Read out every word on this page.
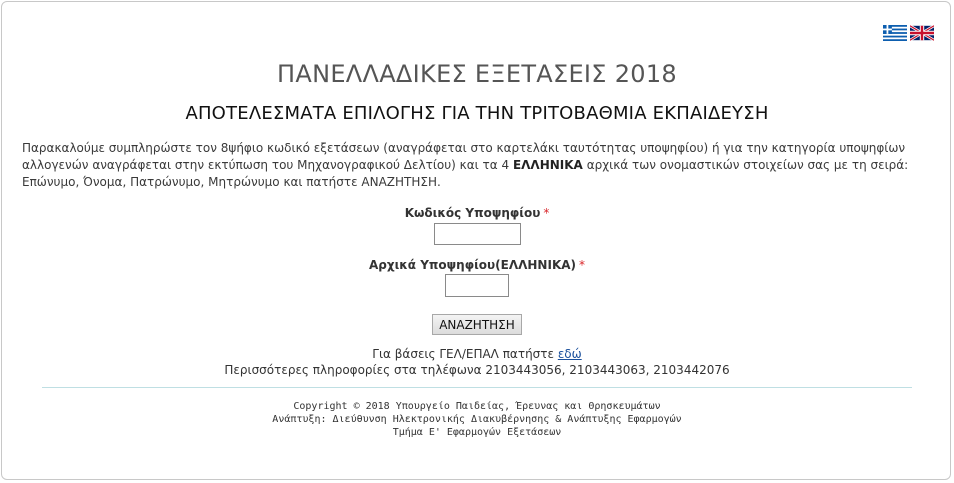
ΠΑΝΕΛΛΑΔΙΚΕΣ ΕΞΕΤΑΣΕΙΣ 2018
ΑΠΟΤΕΛΕΣΜΑΤΑ ΕΠΙΛΟΓΗΣ ΓΙΑ ΤΗΝ ΤΡΙΤΟΒΑΘΜΙΑ ΕΚΠΑΙΔΕΥΣΗ
Παρακαλούμε συμπληρώστε τον 8ψήφιο κωδικό εξετάσεων (αναγράφεται στο καρτελάκι ταυτότητας υποψηφίου) ή για την κατηγορία υποψηφίων αλλογενών αναγράφεται στην εκτύπωση του Μηχανογραφικού Δελτίου) και τα 4 ΕΛΛΗΝΙΚΑ αρχικά των ονομαστικών στοιχείων σας με τη σειρά: Επώνυμο, Όνομα, Πατρώνυμο, Μητρώνυμο και πατήστε ΑΝΑΖΗΤΗΣΗ.
Κωδικός Υποψηφίου *
Αρχικά Υποψηφίου(ΕΛΛΗΝΙΚΑ) *
ΑΝΑΖΗΤΗΣΗ
Για βάσεις ΓΕΛ/ΕΠΑΛ πατήστε εδώ
Περισσότερες πληροφορίες στα τηλέφωνα 2103443056, 2103443063, 2103442076
Copyright © 2018 Υπουργείο Παιδείας, Έρευνας και Θρησκευμάτων
Ανάπτυξη: Διεύθυνση Ηλεκτρονικής Διακυβέρνησης & Ανάπτυξης Εφαρμογών
Τμήμα Ε' Εφαρμογών Εξετάσεων
